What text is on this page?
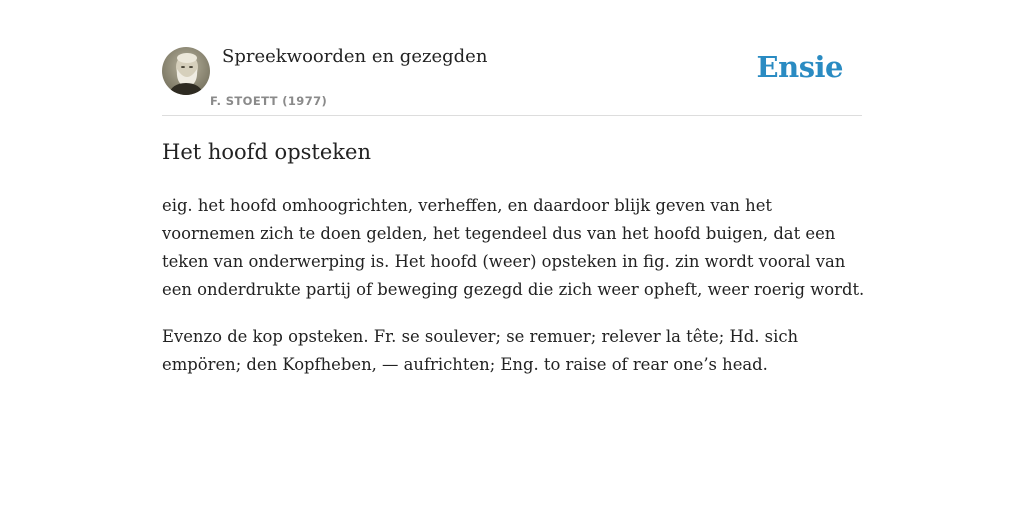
Spreekwoorden en gezegden
F. STOETT (1977)
Ensie
Het hoofd opsteken

eig. het hoofd omhoogrichten, verheffen, en daardoor blijk geven van het
voornemen zich te doen gelden, het tegendeel dus van het hoofd buigen, dat een
teken van onderwerping is. Het hoofd (weer) opsteken in fig. zin wordt vooral van
een onderdrukte partij of beweging gezegd die zich weer opheft, weer roerig wordt.

Evenzo de kop opsteken. Fr. se soulever; se remuer; relever la tête; Hd. sich
empören; den Kopfheben, — aufrichten; Eng. to raise of rear one’s head.
